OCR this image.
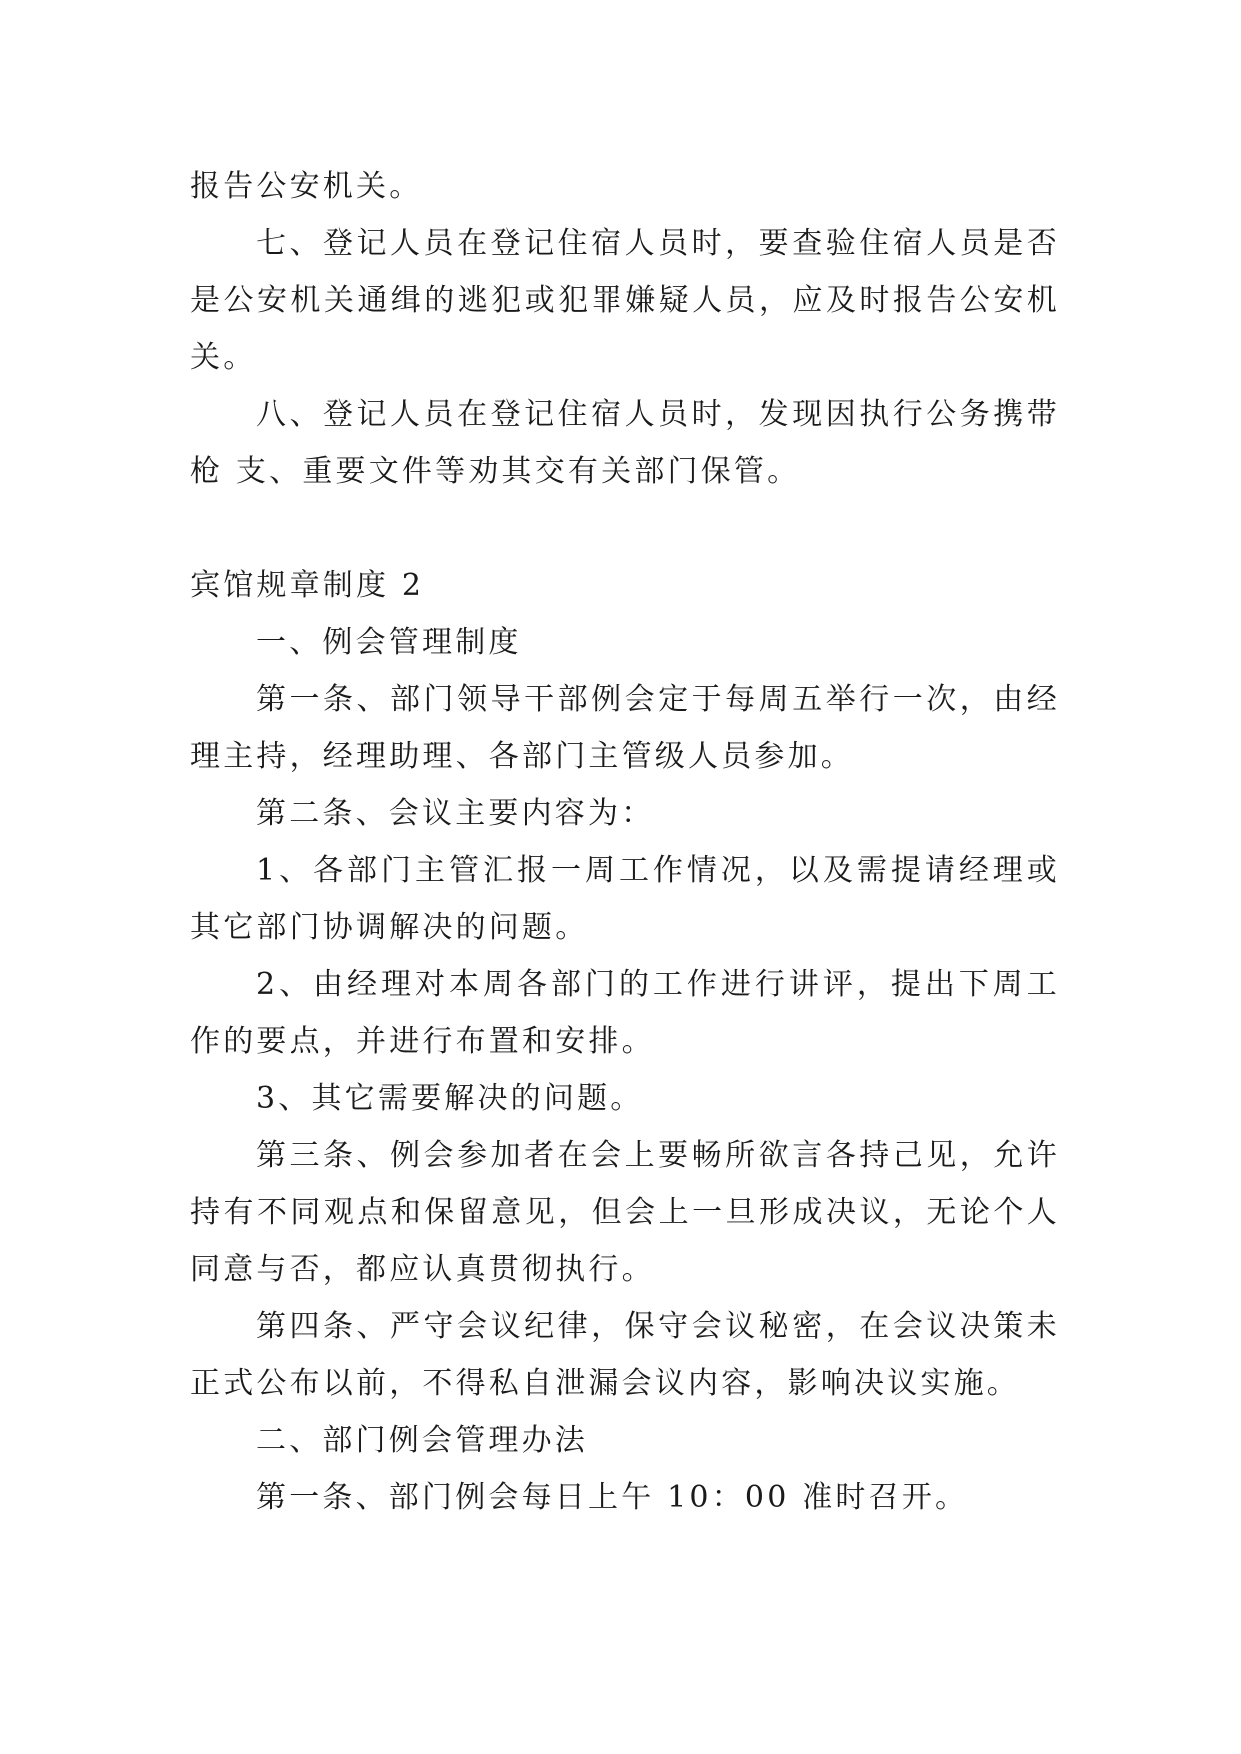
报告公安机关。

七、登记人员在登记住宿人员时，要查验住宿人员是否是公安机关通缉的逃犯或犯罪嫌疑人员，应及时报告公安机关。

八、登记人员在登记住宿人员时，发现因执行公务携带枪 支、重要文件等劝其交有关部门保管。

宾馆规章制度 2

一、例会管理制度

第一条、部门领导干部例会定于每周五举行一次，由经理主持，经理助理、各部门主管级人员参加。

第二条、会议主要内容为：

1、各部门主管汇报一周工作情况，以及需提请经理或其它部门协调解决的问题。

2、由经理对本周各部门的工作进行讲评，提出下周工作的要点，并进行布置和安排。

3、其它需要解决的问题。

第三条、例会参加者在会上要畅所欲言各持己见，允许持有不同观点和保留意见，但会上一旦形成决议，无论个人同意与否，都应认真贯彻执行。

第四条、严守会议纪律，保守会议秘密，在会议决策未正式公布以前，不得私自泄漏会议内容，影响决议实施。

二、部门例会管理办法

第一条、部门例会每日上午 10：00 准时召开。
